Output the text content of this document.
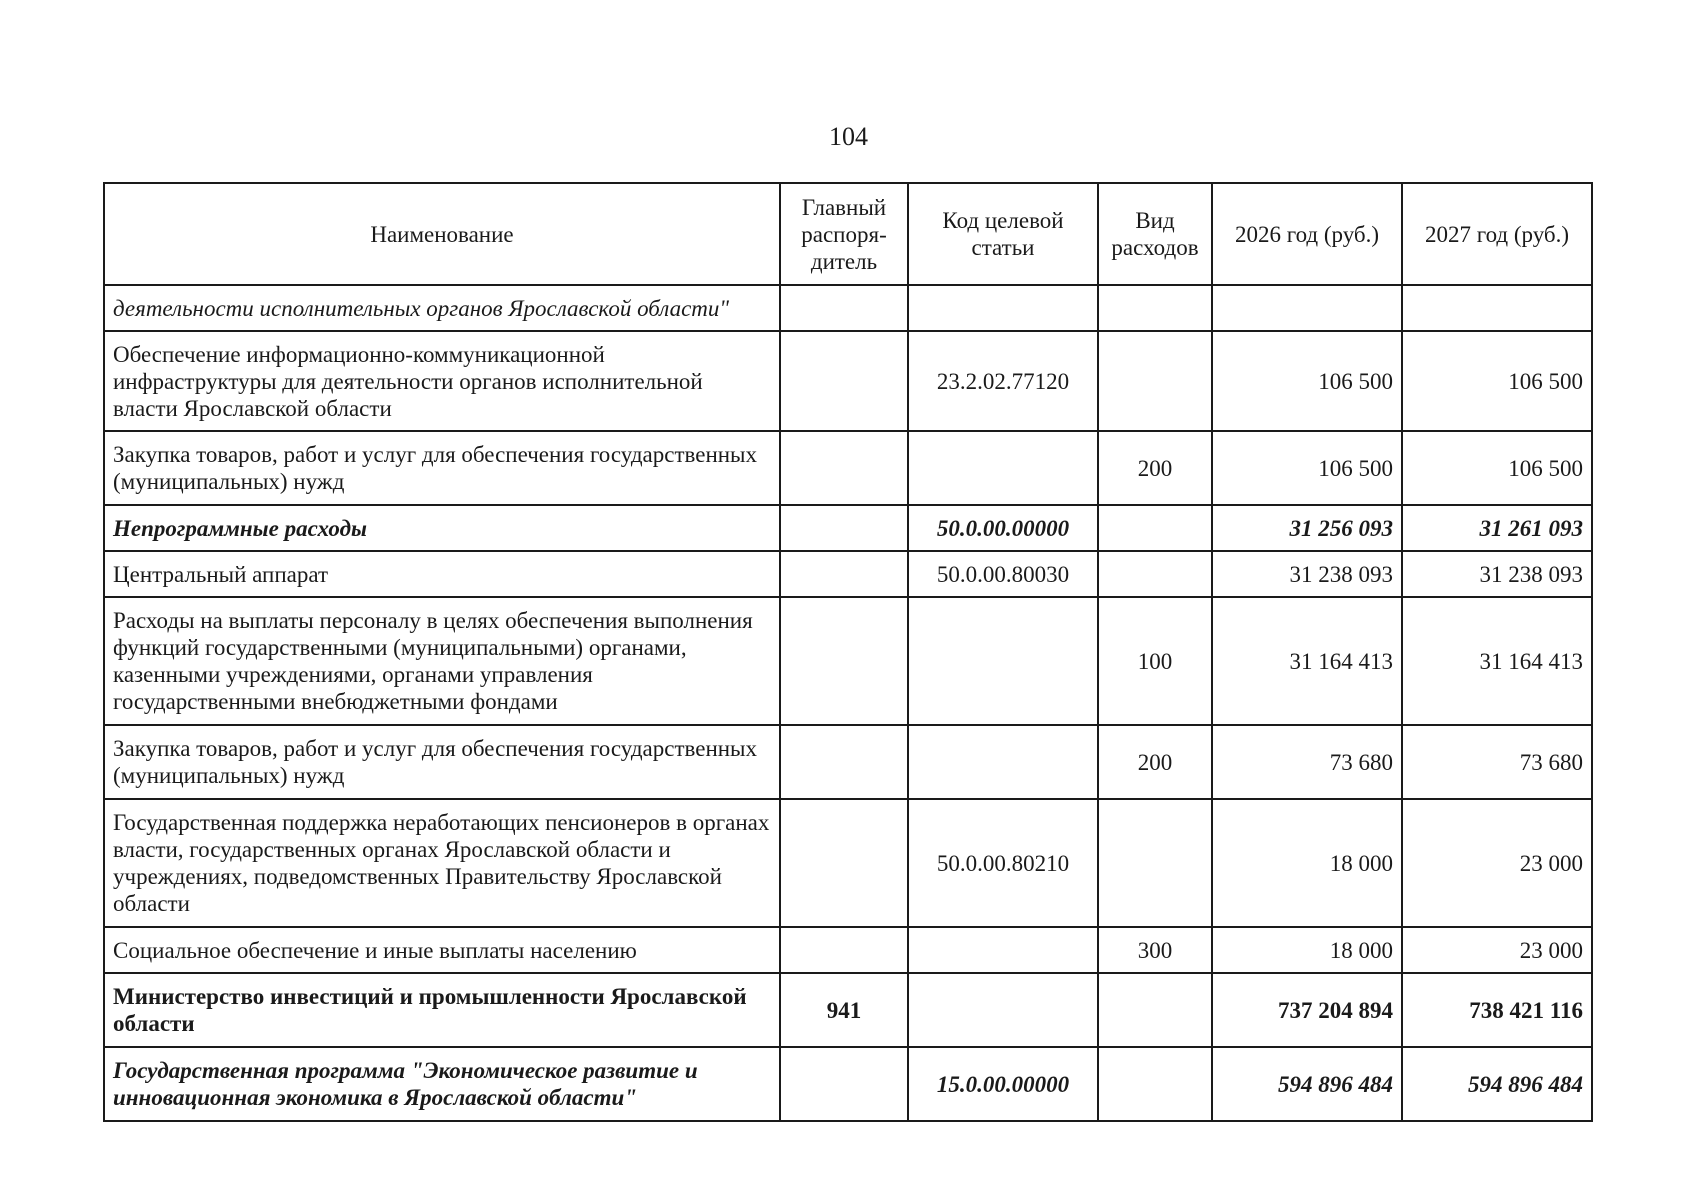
104
Наименование	Главный распоря-дитель	Код целевой статьи	Вид расходов	2026 год (руб.)	2027 год (руб.)
деятельности исполнительных органов Ярославской области"					
Обеспечение информационно-коммуникационной инфраструктуры для деятельности органов исполнительной власти Ярославской области		23.2.02.77120		106 500	106 500
Закупка товаров, работ и услуг для обеспечения государственных (муниципальных) нужд			200	106 500	106 500
Непрограммные расходы		50.0.00.00000		31 256 093	31 261 093
Центральный аппарат		50.0.00.80030		31 238 093	31 238 093
Расходы на выплаты персоналу в целях обеспечения выполнения функций государственными (муниципальными) органами, казенными учреждениями, органами управления государственными внебюджетными фондами			100	31 164 413	31 164 413
Закупка товаров, работ и услуг для обеспечения государственных (муниципальных) нужд			200	73 680	73 680
Государственная поддержка неработающих пенсионеров в органах власти, государственных органах Ярославской области и учреждениях, подведомственных Правительству Ярославской области		50.0.00.80210		18 000	23 000
Социальное обеспечение и иные выплаты населению			300	18 000	23 000
Министерство инвестиций и промышленности Ярославской области	941			737 204 894	738 421 116
Государственная программа "Экономическое развитие и инновационная экономика в Ярославской области"		15.0.00.00000		594 896 484	594 896 484
